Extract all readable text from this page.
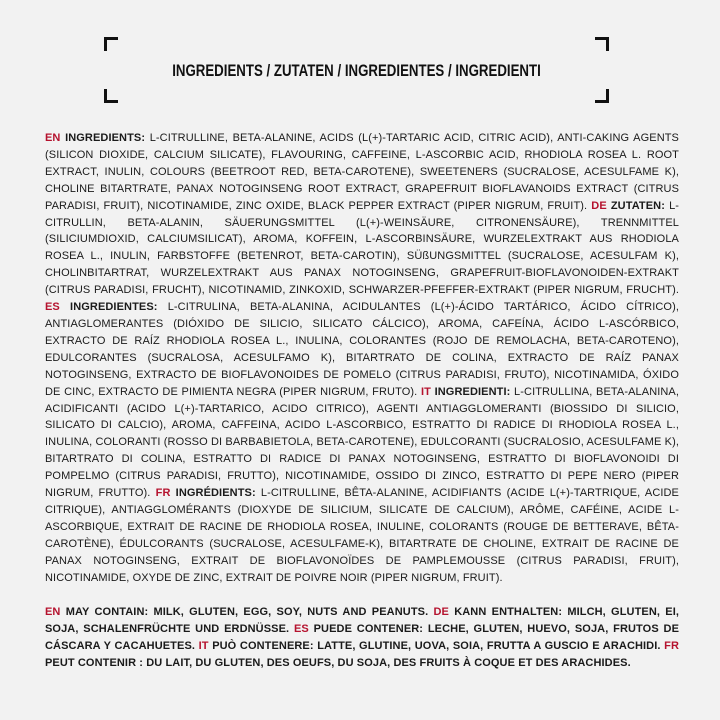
INGREDIENTS / ZUTATEN / INGREDIENTES / INGREDIENTI

EN INGREDIENTS: L-CITRULLINE, BETA-ALANINE, ACIDS (L(+)-TARTARIC ACID, CITRIC ACID), ANTI-CAKING AGENTS (SILICON DIOXIDE, CALCIUM SILICATE), FLAVOURING, CAFFEINE, L-ASCORBIC ACID, RHODIOLA ROSEA L. ROOT EXTRACT, INULIN, COLOURS (BEETROOT RED, BETA-CAROTENE), SWEETENERS (SUCRALOSE, ACESULFAME K), CHOLINE BITARTRATE, PANAX NOTOGINSENG ROOT EXTRACT, GRAPEFRUIT BIOFLAVANOIDS EXTRACT (CITRUS PARADISI, FRUIT), NICOTINAMIDE, ZINC OXIDE, BLACK PEPPER EXTRACT (PIPER NIGRUM, FRUIT). DE ZUTATEN: L-CITRULLIN, BETA-ALANIN, SÄUERUNGSMITTEL (L(+)-WEINSÄURE, CITRONENSÄURE), TRENNMITTEL (SILICIUMDIOXID, CALCIUMSILICAT), AROMA, KOFFEIN, L-ASCORBINSÄURE, WURZELEXTRAKT AUS RHODIOLA ROSEA L., INULIN, FARBSTOFFE (BETENROT, BETA-CAROTIN), SÜßUNGSMITTEL (SUCRALOSE, ACESULFAM K), CHOLINBITARTRAT, WURZELEXTRAKT AUS PANAX NOTOGINSENG, GRAPEFRUIT-BIOFLAVONOIDEN-EXTRAKT (CITRUS PARADISI, FRUCHT), NICOTINAMID, ZINKOXID, SCHWARZER-PFEFFER-EXTRAKT (PIPER NIGRUM, FRUCHT). ES INGREDIENTES: L-CITRULINA, BETA-ALANINA, ACIDULANTES (L(+)-ÁCIDO TARTÁRICO, ÁCIDO CÍTRICO), ANTIAGLOMERANTES (DIÓXIDO DE SILICIO, SILICATO CÁLCICO), AROMA, CAFEÍNA, ÁCIDO L-ASCÓRBICO, EXTRACTO DE RAÍZ RHODIOLA ROSEA L., INULINA, COLORANTES (ROJO DE REMOLACHA, BETA-CAROTENO), EDULCORANTES (SUCRALOSA, ACESULFAMO K), BITARTRATO DE COLINA, EXTRACTO DE RAÍZ PANAX NOTOGINSENG, EXTRACTO DE BIOFLAVONOIDES DE POMELO (CITRUS PARADISI, FRUTO), NICOTINAMIDA, ÓXIDO DE CINC, EXTRACTO DE PIMIENTA NEGRA (PIPER NIGRUM, FRUTO). IT INGREDIENTI: L-CITRULLINA, BETA-ALANINA, ACIDIFICANTI (ACIDO L(+)-TARTARICO, ACIDO CITRICO), AGENTI ANTIAGGLOMERANTI (BIOSSIDO DI SILICIO, SILICATO DI CALCIO), AROMA, CAFFEINA, ACIDO L-ASCORBICO, ESTRATTO DI RADICE DI RHODIOLA ROSEA L., INULINA, COLORANTI (ROSSO DI BARBABIETOLA, BETA-CAROTENE), EDULCORANTI (SUCRALOSIO, ACESULFAME K), BITARTRATO DI COLINA, ESTRATTO DI RADICE DI PANAX NOTOGINSENG, ESTRATTO DI BIOFLAVONOIDI DI POMPELMO (CITRUS PARADISI, FRUTTO), NICOTINAMIDE, OSSIDO DI ZINCO, ESTRATTO DI PEPE NERO (PIPER NIGRUM, FRUTTO). FR INGRÉDIENTS: L-CITRULLINE, BÊTA-ALANINE, ACIDIFIANTS (ACIDE L(+)-TARTRIQUE, ACIDE CITRIQUE), ANTIAGGLOMÉRANTS (DIOXYDE DE SILICIUM, SILICATE DE CALCIUM), ARÔME, CAFÉINE, ACIDE L-ASCORBIQUE, EXTRAIT DE RACINE DE RHODIOLA ROSEA, INULINE, COLORANTS (ROUGE DE BETTERAVE, BÊTA-CAROTÈNE), ÉDULCORANTS (SUCRALOSE, ACESULFAME-K), BITARTRATE DE CHOLINE, EXTRAIT DE RACINE DE PANAX NOTOGINSENG, EXTRAIT DE BIOFLAVONOÏDES DE PAMPLEMOUSSE (CITRUS PARADISI, FRUIT), NICOTINAMIDE, OXYDE DE ZINC, EXTRAIT DE POIVRE NOIR (PIPER NIGRUM, FRUIT).

EN MAY CONTAIN: MILK, GLUTEN, EGG, SOY, NUTS AND PEANUTS. DE KANN ENTHALTEN: MILCH, GLUTEN, EI, SOJA, SCHALENFRÜCHTE UND ERDNÜSSE. ES PUEDE CONTENER: LECHE, GLUTEN, HUEVO, SOJA, FRUTOS DE CÁSCARA Y CACAHUETES. IT PUÒ CONTENERE: LATTE, GLUTINE, UOVA, SOIA, FRUTTA A GUSCIO E ARACHIDI. FR PEUT CONTENIR : DU LAIT, DU GLUTEN, DES OEUFS, DU SOJA, DES FRUITS À COQUE ET DES ARACHIDES.
